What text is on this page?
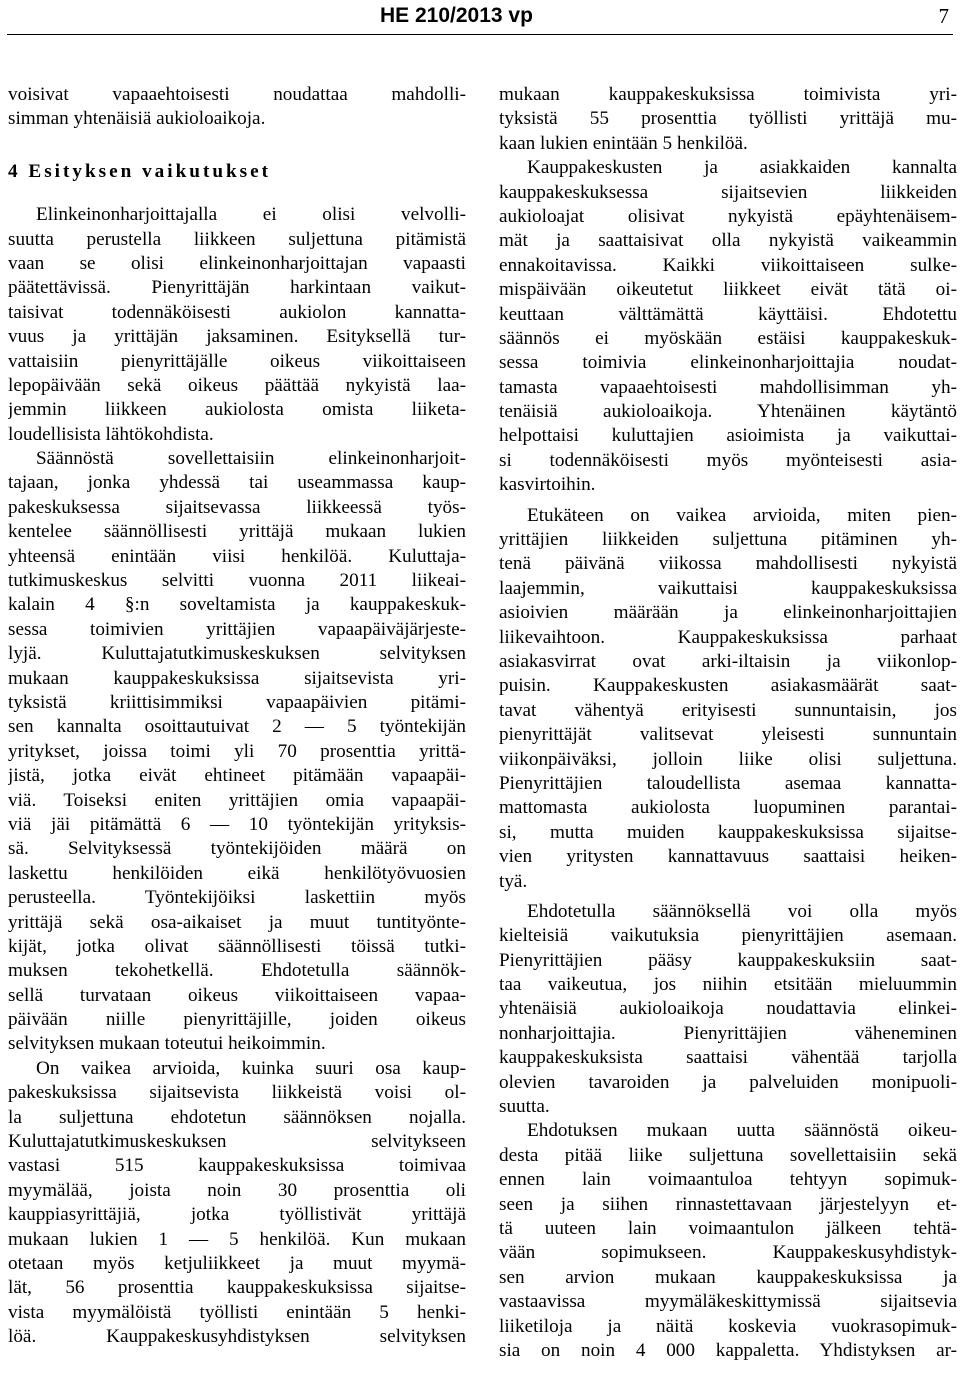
HE 210/2013 vp	7
voisivat vapaaehtoisesti noudattaa mahdolli-
simman yhtenäisiä aukioloaikoja.
4 Esityksen vaikutukset
Elinkeinonharjoittajalla ei olisi velvolli-
suutta perustella liikkeen suljettuna pitämistä
vaan se olisi elinkeinonharjoittajan vapaasti
päätettävissä. Pienyrittäjän harkintaan vaikut-
taisivat todennäköisesti aukiolon kannatta-
vuus ja yrittäjän jaksaminen. Esityksellä tur-
vattaisiin pienyrittäjälle oikeus viikoittaiseen
lepopäivään sekä oikeus päättää nykyistä laa-
jemmin liikkeen aukiolosta omista liiketa-
loudellisista lähtökohdista.
Säännöstä sovellettaisiin elinkeinonharjoit-
tajaan, jonka yhdessä tai useammassa kaup-
pakeskuksessa sijaitsevassa liikkeessä työs-
kentelee säännöllisesti yrittäjä mukaan lukien
yhteensä enintään viisi henkilöä. Kuluttaja-
tutkimuskeskus selvitti vuonna 2011 liikeai-
kalain 4 §:n soveltamista ja kauppakeskuk-
sessa toimivien yrittäjien vapaapäiväjärjeste-
lyjä. Kuluttajatutkimuskeskuksen selvityksen
mukaan kauppakeskuksissa sijaitsevista yri-
tyksistä kriittisimmiksi vapaapäivien pitämi-
sen kannalta osoittautuivat 2 — 5 työntekijän
yritykset, joissa toimi yli 70 prosenttia yrittä-
jistä, jotka eivät ehtineet pitämään vapaapäi-
viä. Toiseksi eniten yrittäjien omia vapaapäi-
viä jäi pitämättä 6 — 10 työntekijän yrityksis-
sä. Selvityksessä työntekijöiden määrä on
laskettu henkilöiden eikä henkilötyövuosien
perusteella. Työntekijöiksi laskettiin myös
yrittäjä sekä osa-aikaiset ja muut tuntityönte-
kijät, jotka olivat säännöllisesti töissä tutki-
muksen tekohetkellä. Ehdotetulla säännök-
sellä turvataan oikeus viikoittaiseen vapaa-
päivään niille pienyrittäjille, joiden oikeus
selvityksen mukaan toteutui heikoimmin.
On vaikea arvioida, kuinka suuri osa kaup-
pakeskuksissa sijaitsevista liikkeistä voisi ol-
la suljettuna ehdotetun säännöksen nojalla.
Kuluttajatutkimuskeskuksen selvitykseen
vastasi 515 kauppakeskuksissa toimivaa
myymälää, joista noin 30 prosenttia oli
kauppiasyrittäjiä, jotka työllistivät yrittäjä
mukaan lukien 1 — 5 henkilöä. Kun mukaan
otetaan myös ketjuliikkeet ja muut myymä-
lät, 56 prosenttia kauppakeskuksissa sijaitse-
vista myymälöistä työllisti enintään 5 henki-
löä. Kauppakeskusyhdistyksen selvityksen
mukaan kauppakeskuksissa toimivista yri-
tyksistä 55 prosenttia työllisti yrittäjä mu-
kaan lukien enintään 5 henkilöä.
Kauppakeskusten ja asiakkaiden kannalta
kauppakeskuksessa sijaitsevien liikkeiden
aukioloajat olisivat nykyistä epäyhtenäisem-
mät ja saattaisivat olla nykyistä vaikeammin
ennakoitavissa. Kaikki viikoittaiseen sulke-
mispäivään oikeutetut liikkeet eivät tätä oi-
keuttaan välttämättä käyttäisi. Ehdotettu
säännös ei myöskään estäisi kauppakeskuk-
sessa toimivia elinkeinonharjoittajia noudat-
tamasta vapaaehtoisesti mahdollisimman yh-
tenäisiä aukioloaikoja. Yhtenäinen käytäntö
helpottaisi kuluttajien asioimista ja vaikuttai-
si todennäköisesti myös myönteisesti asia-
kasvirtoihin.
Etukäteen on vaikea arvioida, miten pien-
yrittäjien liikkeiden suljettuna pitäminen yh-
tenä päivänä viikossa mahdollisesti nykyistä
laajemmin, vaikuttaisi kauppakeskuksissa
asioivien määrään ja elinkeinonharjoittajien
liikevaihtoon. Kauppakeskuksissa parhaat
asiakasvirrat ovat arki-iltaisin ja viikonlop-
puisin. Kauppakeskusten asiakasmäärät saat-
tavat vähentyä erityisesti sunnuntaisin, jos
pienyrittäjät valitsevat yleisesti sunnuntain
viikonpäiväksi, jolloin liike olisi suljettuna.
Pienyrittäjien taloudellista asemaa kannatta-
mattomasta aukiolosta luopuminen parantai-
si, mutta muiden kauppakeskuksissa sijaitse-
vien yritysten kannattavuus saattaisi heiken-
tyä.
Ehdotetulla säännöksellä voi olla myös
kielteisiä vaikutuksia pienyrittäjien asemaan.
Pienyrittäjien pääsy kauppakeskuksiin saat-
taa vaikeutua, jos niihin etsitään mieluummin
yhtenäisiä aukioloaikoja noudattavia elinkei-
nonharjoittajia. Pienyrittäjien väheneminen
kauppakeskuksista saattaisi vähentää tarjolla
olevien tavaroiden ja palveluiden monipuoli-
suutta.
Ehdotuksen mukaan uutta säännöstä oikeu-
desta pitää liike suljettuna sovellettaisiin sekä
ennen lain voimaantuloa tehtyyn sopimuk-
seen ja siihen rinnastettavaan järjestelyyn et-
tä uuteen lain voimaantulon jälkeen tehtä-
vään sopimukseen. Kauppakeskusyhdistyk-
sen arvion mukaan kauppakeskuksissa ja
vastaavissa myymäläkeskittymissä sijaitsevia
liiketiloja ja näitä koskevia vuokrasopimuk-
sia on noin 4 000 kappaletta. Yhdistyksen ar-
